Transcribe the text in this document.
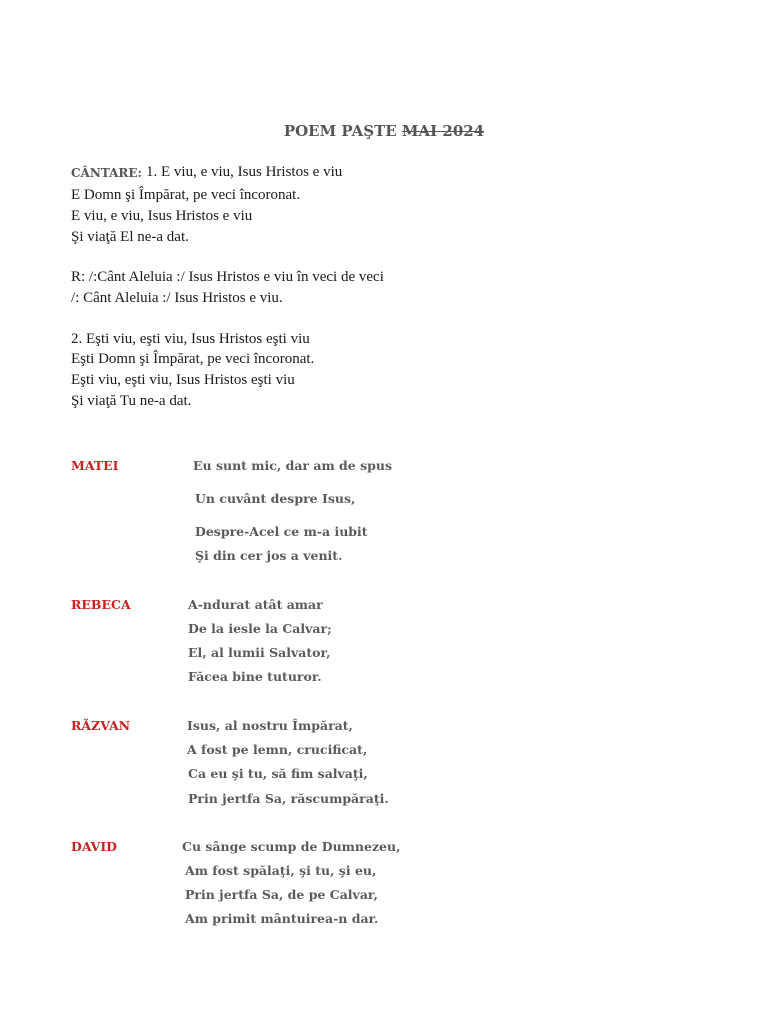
POEM PAŞTE MAI 2024
CÂNTARE: 1. E viu, e viu, Isus Hristos e viu
E Domn şi Împărat, pe veci încoronat.
E viu, e viu, Isus Hristos e viu
Şi viaţă El ne-a dat.
R: /:Cânt Aleluia :/ Isus Hristos e viu în veci de veci
/: Cânt Aleluia :/ Isus Hristos e viu.
2. Eşti viu, eşti viu, Isus Hristos eşti viu
Eşti Domn şi Împărat, pe veci încoronat.
Eşti viu, eşti viu, Isus Hristos eşti viu
Şi viaţă Tu ne-a dat.
MATEI	Eu sunt mic, dar am de spus
Un cuvânt despre Isus,
Despre-Acel ce m-a iubit
Şi din cer jos a venit.
REBECA	A-ndurat atât amar
De la iesle la Calvar;
El, al lumii Salvator,
Făcea bine tuturor.
RĂZVAN	Isus, al nostru Împărat,
A fost pe lemn, crucificat,
Ca eu şi tu, să fim salvaţi,
Prin jertfa Sa, răscumpăraţi.
DAVID	Cu sânge scump de Dumnezeu,
Am fost spălaţi, şi tu, şi eu,
Prin jertfa Sa, de pe Calvar,
Am primit mântuirea-n dar.
